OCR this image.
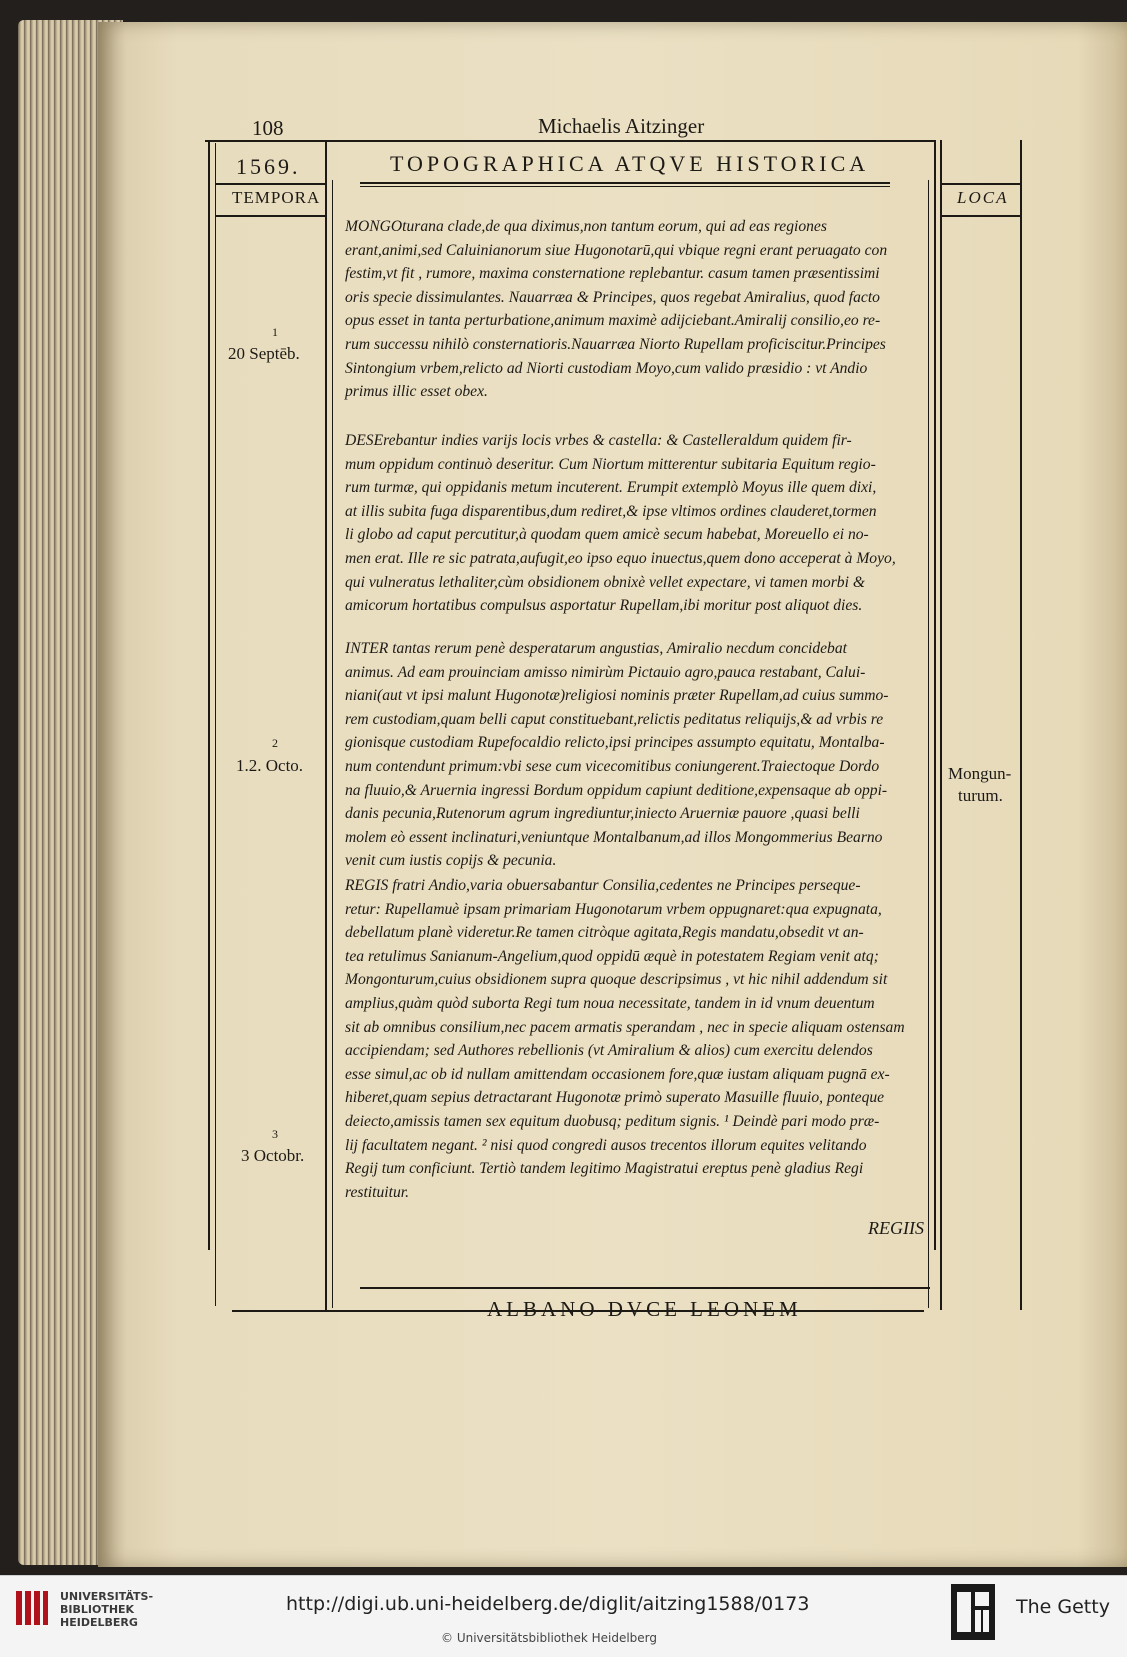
108	Michaelis Aitzinger
TOPOGRAPHICA ATQVE HISTORICA
1569.
TEMPORA	LOCA
MONGOturana clade,de qua diximus,non tantum eorum, qui ad eas regiones
erant,animi,sed Caluinianorum siue Hugonotarū,qui vbique regni erant peruagato con
festim,vt fit , rumore, maxima consternatione replebantur. casum tamen præsentissimi
oris specie dissimulantes. Nauarræa & Principes, quos regebat Amiralius, quod facto
opus esset in tanta perturbatione,animum maximè adijciebant.Amiralij consilio,eo re-
rum successu nihilò consternatioris.Nauarræa Niorto Rupellam proficiscitur.Principes
Sintongium vrbem,relicto ad Niorti custodiam Moyo,cum valido præsidio : vt Andio
primus illic esset obex.
DESErebantur indies varijs locis vrbes & castella: & Castelleraldum quidem fir-
mum oppidum continuò deseritur. Cum Niortum mitterentur subitaria Equitum regio-
rum turmæ, qui oppidanis metum incuterent. Erumpit extemplò Moyus ille quem dixi,
at illis subita fuga disparentibus,dum rediret,& ipse vltimos ordines clauderet,tormen
li globo ad caput percutitur,à quodam quem amicè secum habebat, Moreuello ei no-
men erat. Ille re sic patrata,aufugit,eo ipso equo inuectus,quem dono acceperat à Moyo,
qui vulneratus lethaliter,cùm obsidionem obnixè vellet expectare, vi tamen morbi &
amicorum hortatibus compulsus asportatur Rupellam,ibi moritur post aliquot dies.
INTER tantas rerum penè desperatarum angustias, Amiralio necdum concidebat
animus. Ad eam prouinciam amisso nimirùm Pictauio agro,pauca restabant, Calui-
niani(aut vt ipsi malunt Hugonotæ)religiosi nominis præter Rupellam,ad cuius summo-
rem custodiam,quam belli caput constituebant,relictis peditatus reliquijs,& ad vrbis re
gionisque custodiam Rupefocaldio relicto,ipsi principes assumpto equitatu, Montalba-
num contendunt primum:vbi sese cum vicecomitibus coniungerent.Traiectoque Dordo
na fluuio,& Aruernia ingressi Bordum oppidum capiunt deditione,expensaque ab oppi-
danis pecunia,Rutenorum agrum ingrediuntur,iniecto Aruerniæ pauore ,quasi belli
molem eò essent inclinaturi,veniuntque Montalbanum,ad illos Mongommerius Bearno
venit cum iustis copijs & pecunia.
REGIS fratri Andio,varia obuersabantur Consilia,cedentes ne Principes perseque-
retur: Rupellamuè ipsam primariam Hugonotarum vrbem oppugnaret:qua expugnata,
debellatum planè videretur.Re tamen citròque agitata,Regis mandatu,obsedit vt an-
tea retulimus Sanianum-Angelium,quod oppidū æquè in potestatem Regiam venit atq;
Mongonturum,cuius obsidionem supra quoque descripsimus , vt hic nihil addendum sit
amplius,quàm quòd suborta Regi tum noua necessitate, tandem in id vnum deuentum
sit ab omnibus consilium,nec pacem armatis sperandam , nec in specie aliquam ostensam
accipiendam; sed Authores rebellionis (vt Amiralium & alios) cum exercitu delendos
esse simul,ac ob id nullam amittendam occasionem fore,quæ iustam aliquam pugnā ex-
hiberet,quam sepius detractarant Hugonotæ primò superato Masuille fluuio, ponteque
deiecto,amissis tamen sex equitum duobusq; peditum signis. ¹ Deindè pari modo præ-
lij facultatem negant. ² nisi quod congredi ausos trecentos illorum equites velitando
Regij tum conficiunt. Tertiò tandem legitimo Magistratui ereptus penè gladius Regi
restituitur.
1
20 Septēb.
2
1.2. Octo.
3
3 Octobr.
Mongun-
turum.
REGIIS
ALBANO DVCE LEONEM
UNIVERSITÄTS-
BIBLIOTHEK
HEIDELBERG
http://digi.ub.uni-heidelberg.de/diglit/aitzing1588/0173
© Universitätsbibliothek Heidelberg
The Getty
